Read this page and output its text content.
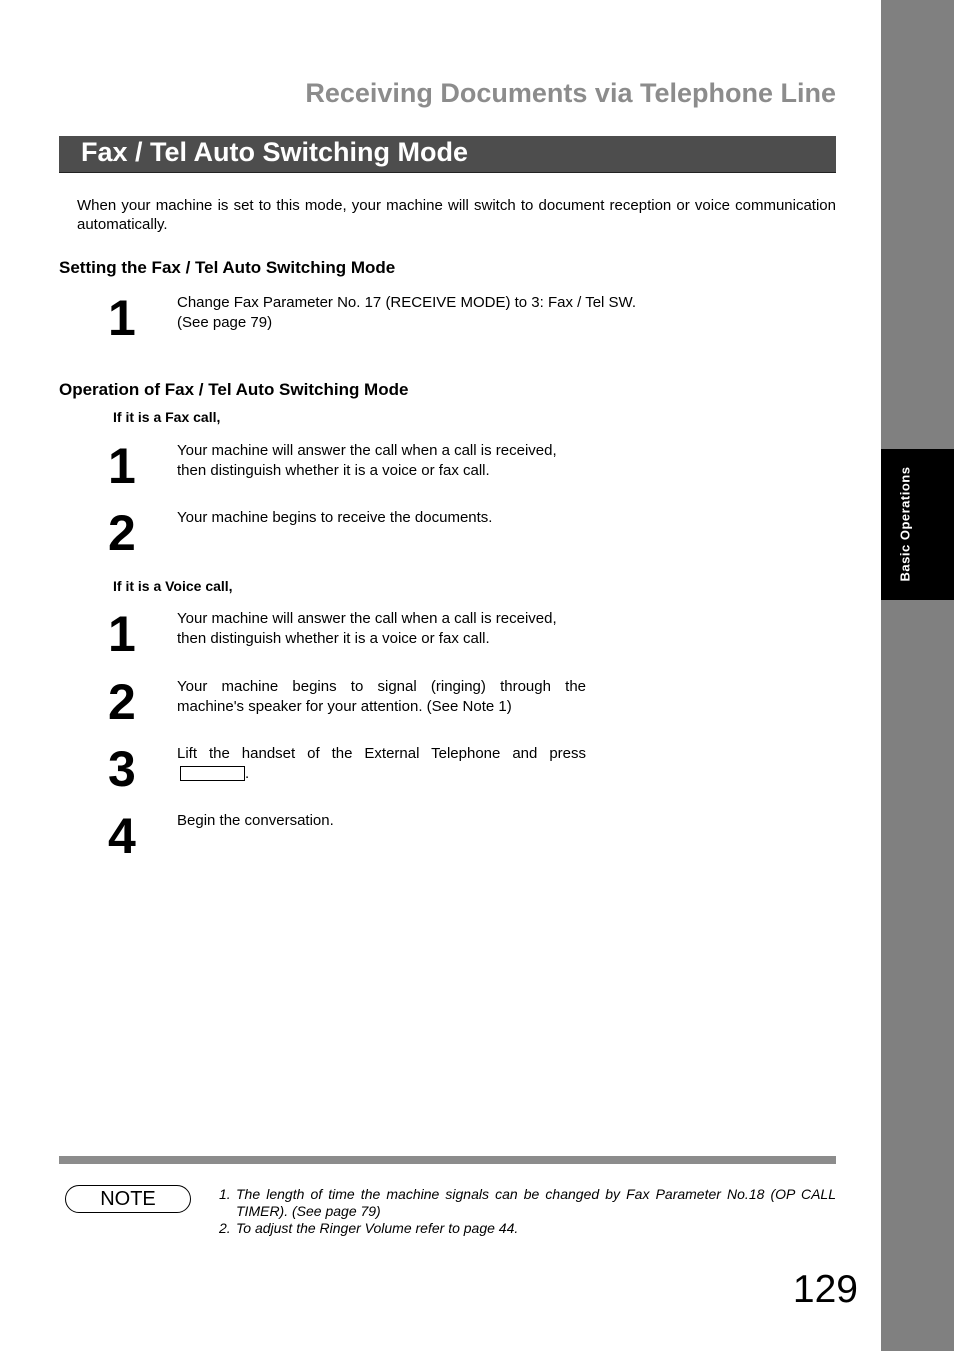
Basic Operations
Receiving Documents via Telephone Line
Fax / Tel Auto Switching Mode

When your machine is set to this mode, your machine will switch to document reception or voice communication automatically.

Setting the Fax / Tel Auto Switching Mode
1	Change Fax Parameter No. 17 (RECEIVE MODE) to 3: Fax / Tel SW.
(See page 79)

Operation of Fax / Tel Auto Switching Mode
If it is a Fax call,
1	Your machine will answer the call when a call is received,
then distinguish whether it is a voice or fax call.

2	Your machine begins to receive the documents.

If it is a Voice call,
1	Your machine will answer the call when a call is received,
then distinguish whether it is a voice or fax call.

2	Your machine begins to signal (ringing) through the
machine's speaker for your attention. (See Note 1)

3	Lift the handset of the External Telephone and press
.

4	Begin the conversation.

NOTE	1. The length of time the machine signals can be changed by Fax Parameter No.18 (OP CALL TIMER). (See page 79)
2. To adjust the Ringer Volume refer to page 44.
129
